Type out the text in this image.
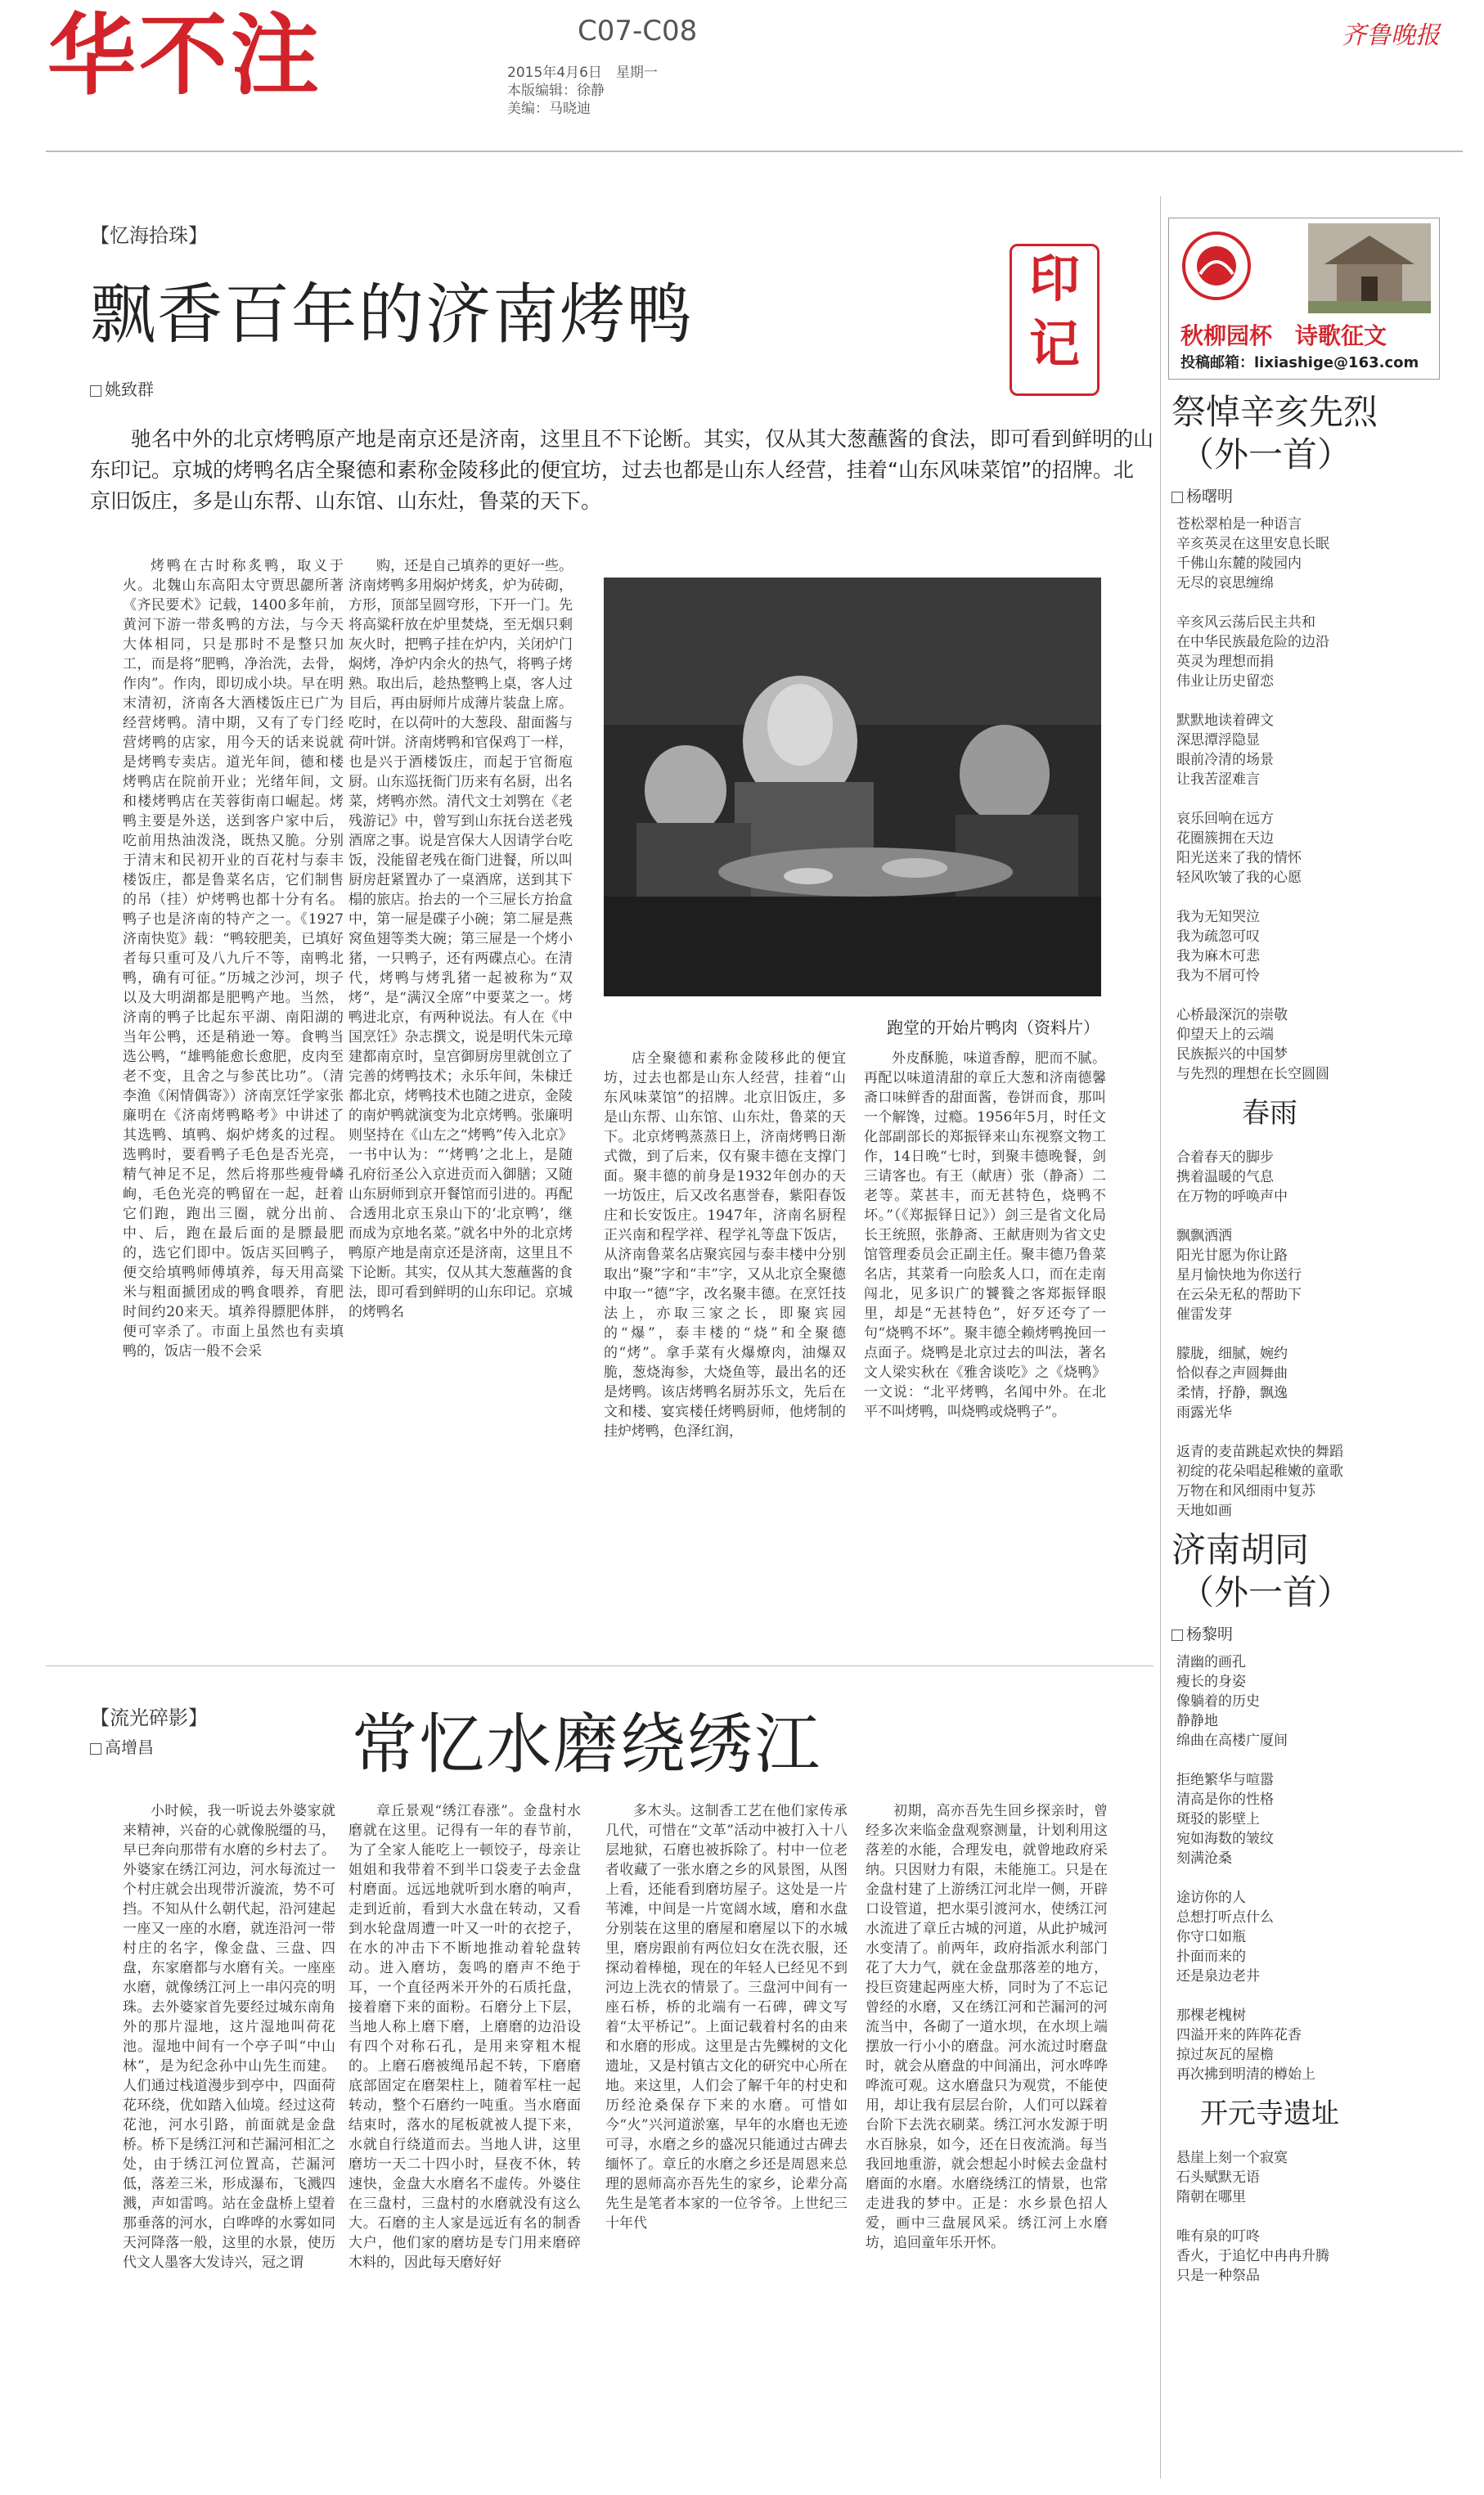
华不注	C07-C08
2015年4月6日　星期一
本版编辑：徐静
美编：马晓迪
齐鲁晚报
【忆海拾珠】
飘香百年的济南烤鸭	印记
姚致群
驰名中外的北京烤鸭原产地是南京还是济南，这里且不下论断。其实，仅从其大葱蘸酱的食法，即可看到鲜明的山东印记。京城的烤鸭名店全聚德和素称金陵移此的便宜坊，过去也都是山东人经营，挂着“山东风味菜馆”的招牌。北京旧饭庄，多是山东帮、山东馆、山东灶，鲁菜的天下。
烤鸭在古时称炙鸭，取义于火。北魏山东高阳太守贾思勰所著《齐民要术》记载，1400多年前，黄河下游一带炙鸭的方法，与今天大体相同，只是那时不是整只加工，而是将“肥鸭，净治洗，去骨，作肉”。作肉，即切成小块。早在明末清初，济南各大酒楼饭庄已广为经营烤鸭。清中期，又有了专门经营烤鸭的店家，用今天的话来说就是烤鸭专卖店。道光年间，德和楼烤鸭店在院前开业；光绪年间，文和楼烤鸭店在芙蓉街南口崛起。烤鸭主要是外送，送到客户家中后，吃前用热油泼浇，既热又脆。分别于清末和民初开业的百花村与泰丰楼饭庄，都是鲁菜名店，它们制售的吊（挂）炉烤鸭也都十分有名。鸭子也是济南的特产之一。《1927济南快览》载：“鸭较肥美，已填好者每只重可及八九斤不等，南鸭北鸭，确有可征。”历城之沙河，坝子以及大明湖都是肥鸭产地。当然，济南的鸭子比起东平湖、南阳湖的当年公鸭，还是稍逊一筹。食鸭当选公鸭，“雄鸭能愈长愈肥，皮肉至老不变，且舍之与参芪比功”。（清李渔《闲情偶寄》）济南烹饪学家张廉明在《济南烤鸭略考》中讲述了其选鸭、填鸭、焖炉烤炙的过程。选鸭时，要看鸭子毛色是否光亮，精气神足不足，然后将那些瘦骨嶙峋，毛色光亮的鸭留在一起，赶着它们跑，跑出三圈，就分出前、中、后，跑在最后面的是膘最肥的，选它们即中。饭店买回鸭子，便交给填鸭师傅填养，每天用高粱米与粗面搋团成的鸭食喂养，育肥时间约20来天。填养得膘肥体胖，便可宰杀了。市面上虽然也有卖填鸭的，饭店一般不会采
购，还是自己填养的更好一些。济南烤鸭多用焖炉烤炙，炉为砖砌，方形，顶部呈圆穹形，下开一门。先将高粱秆放在炉里焚烧，至无烟只剩灰火时，把鸭子挂在炉内，关闭炉门焖烤，净炉内余火的热气，将鸭子烤熟。取出后，趁热整鸭上桌，客人过目后，再由厨师片成薄片装盘上席。吃时，在以荷叶的大葱段、甜面酱与荷叶饼。济南烤鸭和官保鸡丁一样，也是兴于酒楼饭庄，而起于官衙庖厨。山东巡抚衙门历来有名厨，出名菜，烤鸭亦然。清代文士刘鹗在《老残游记》中，曾写到山东抚台送老残酒席之事。说是宫保大人因请学台吃饭，没能留老残在衙门进餐，所以叫厨房赶紧置办了一桌酒席，送到其下榻的旅店。抬去的一个三屉长方抬盒中，第一屉是碟子小碗；第二屉是燕窝鱼翅等类大碗；第三屉是一个烤小猪，一只鸭子，还有两碟点心。在清代，烤鸭与烤乳猪一起被称为“双烤”，是“满汉全席”中要菜之一。烤鸭进北京，有两种说法。有人在《中国烹饪》杂志撰文，说是明代朱元璋建都南京时，皇宫御厨房里就创立了完善的烤鸭技术；永乐年间，朱棣迁都北京，烤鸭技术也随之进京，金陵的南炉鸭就演变为北京烤鸭。张廉明则坚持在《山左之“烤鸭”传入北京》一书中认为：“‘烤鸭’之北上，是随孔府衍圣公入京进贡而入御膳；又随山东厨师到京开餐馆而引进的。再配合透用北京玉泉山下的‘北京鸭’，继而成为京地名菜。”就名中外的北京烤鸭原产地是南京还是济南，这里且不下论断。其实，仅从其大葱蘸酱的食法，即可看到鲜明的山东印记。京城的烤鸭名
跑堂的开始片鸭肉（资料片）
店全聚德和素称金陵移此的便宜坊，过去也都是山东人经营，挂着“山东风味菜馆”的招牌。北京旧饭庄，多是山东帮、山东馆、山东灶，鲁菜的天下。北京烤鸭蒸蒸日上，济南烤鸭日渐式微，到了后来，仅有聚丰德在支撑门面。聚丰德的前身是1932年创办的天一坊饭庄，后又改名惠誉春，紫阳春饭庄和长安饭庄。1947年，济南名厨程正兴南和程学祥、程学礼等盘下饭店，从济南鲁菜名店聚宾园与泰丰楼中分别取出“聚”字和“丰”字，又从北京全聚德中取一“德”字，改名聚丰德。在烹饪技法上，亦取三家之长，即聚宾园的“爆”，泰丰楼的“烧”和全聚德的“烤”。拿手菜有火爆燎肉，油爆双脆，葱烧海参，大烧鱼等，最出名的还是烤鸭。该店烤鸭名厨苏乐文，先后在文和楼、宴宾楼任烤鸭厨师，他烤制的挂炉烤鸭，色泽红润，
外皮酥脆，味道香醇，肥而不腻。再配以味道清甜的章丘大葱和济南德馨斋口味鲜香的甜面酱，卷饼而食，那叫一个解馋，过瘾。1956年5月，时任文化部副部长的郑振铎来山东视察文物工作，14日晚“七时，到聚丰德晚餐，剑三请客也。有王（献唐）张（静斋）二老等。菜甚丰，而无甚特色，烧鸭不坏。”（《郑振铎日记》）剑三是省文化局长王统照，张静斋、王献唐则为省文史馆管理委员会正副主任。聚丰德乃鲁菜名店，其菜肴一向脍炙人口，而在走南闯北，见多识广的饕餮之客郑振铎眼里，却是“无甚特色”，好歹还夸了一句“烧鸭不坏”。聚丰德全赖烤鸭挽回一点面子。烧鸭是北京过去的叫法，著名文人梁实秋在《雅舍谈吃》之《烧鸭》一文说：“北平烤鸭，名闻中外。在北平不叫烤鸭，叫烧鸭或烧鸭子”。
【流光碎影】 常忆水磨绕绣江
高增昌
小时候，我一听说去外婆家就来精神，兴奋的心就像脱缰的马，早已奔向那带有水磨的乡村去了。外婆家在绣江河边，河水每流过一个村庄就会出现带沂漩流，势不可挡。不知从什么朝代起，沿河建起一座又一座的水磨，就连沿河一带村庄的名字，像金盘、三盘、四盘，东家磨都与水磨有关。一座座水磨，就像绣江河上一串闪亮的明珠。去外婆家首先要经过城东南角外的那片湿地，这片湿地叫荷花池。湿地中间有一个亭子叫“中山林”，是为纪念孙中山先生而建。人们通过栈道漫步到亭中，四面荷花环绕，优如踏入仙境。经过这荷花池，河水引路，前面就是金盘桥。桥下是绣江河和芒漏河相汇之处，由于绣江河位置高，芒漏河低，落差三米，形成瀑布，飞溅四溅，声如雷鸣。站在金盘桥上望着那垂落的河水，白哗哗的水雾如同天河降落一般，这里的水景，使历代文人墨客大发诗兴，冠之谓
章丘景观“绣江春涨”。金盘村水磨就在这里。记得有一年的春节前，为了全家人能吃上一顿饺子，母亲让姐姐和我带着不到半口袋麦子去金盘村磨面。远远地就听到水磨的响声，走到近前，看到大水盘在转动，又看到水轮盘周遭一叶又一叶的衣挖子，在水的冲击下不断地推动着轮盘转动。进入磨坊，轰鸣的磨声不绝于耳，一个直径两米开外的石质托盘，接着磨下来的面粉。石磨分上下层，当地人称上磨下磨，上磨磨的边沿设有四个对称石孔，是用来穿粗木棍的。上磨石磨被绳吊起不转，下磨磨底部固定在磨架柱上，随着军柱一起转动，整个石磨约一吨重。当水磨面结束时，落水的尾板就被人提下来，水就自行绕道而去。当地人讲，这里磨坊一天二十四小时，昼夜不休，转速快，金盘大水磨名不虚传。外婆住在三盘村，三盘村的水磨就没有这么大。石磨的主人家是远近有名的制香大户，他们家的磨坊是专门用来磨碎木料的，因此每天磨好好
多木头。这制香工艺在他们家传承几代，可惜在“文革”活动中被打入十八层地狱，石磨也被拆除了。村中一位老者收藏了一张水磨之乡的风景图，从图上看，还能看到磨坊屋子。这处是一片苇滩，中间是一片宽阔水域，磨和水盘分别装在这里的磨屋和磨屋以下的水城里，磨房跟前有两位妇女在洗衣服，还探动着棒槌，现在的年轻人已经见不到河边上洗衣的情景了。三盘河中间有一座石桥，桥的北端有一石碑，碑文写着“太平桥记”。上面记载着村名的由来和水磨的形成。这里是古先鲽树的文化遗址，又是村镇古文化的研究中心所在地。来这里，人们会了解千年的村史和历经沧桑保存下来的水磨。可惜如今“火”兴河道淤塞，早年的水磨也无迹可寻，水磨之乡的盛况只能通过古碑去缅怀了。章丘的水磨之乡还是周恩来总理的恩师高亦吾先生的家乡，论辈分高先生是笔者本家的一位爷爷。上世纪三十年代
初期，高亦吾先生回乡探亲时，曾经多次来临金盘观察测量，计划利用这落差的水能，合理发电，就曾地政府采纳。只因财力有限，未能施工。只是在金盘村建了上游绣江河北岸一侧，开辟口设管道，把水渠引渡河水，使绣江河水流进了章丘古城的河道，从此护城河水变清了。前两年，政府指派水利部门花了大力气，就在金盘那落差的地方，投巨资建起两座大桥，同时为了不忘记曾经的水磨，又在绣江河和芒漏河的河流当中，各砌了一道水坝，在水坝上端摆放一行小小的磨盘。河水流过时磨盘时，就会从磨盘的中间涌出，河水哗哗哗流可观。这水磨盘只为观赏，不能使用，却让我有层层台阶，人们可以踩着台阶下去洗衣刷菜。绣江河水发源于明水百脉泉，如今，还在日夜流淌。每当我回地重游，就会想起小时候去金盘村磨面的水磨。水磨绕绣江的情景，也常走进我的梦中。正是：水乡景色招人爱，画中三盘展风采。绣江河上水磨坊，追回童年乐开怀。
秋柳园杯　诗歌征文
投稿邮箱：lixiashige@163.com
祭悼辛亥先烈
（外一首）
杨曙明
苍松翠柏是一种语言
辛亥英灵在这里安息长眠
千佛山东麓的陵园内
无尽的哀思缠绵
辛亥风云荡后民主共和
在中华民族最危险的边沿
英灵为理想而捐
伟业让历史留恋
默默地读着碑文
深思潭浮隐显
眼前冷清的场景
让我苦涩难言
哀乐回响在远方
花圈簇拥在天边
阳光送来了我的情怀
轻风吹皱了我的心愿
我为无知哭泣
我为疏忽可叹
我为麻木可悲
我为不屑可怜
心桥最深沉的崇敬
仰望天上的云端
民族振兴的中国梦
与先烈的理想在长空圆圆
春雨
合着春天的脚步
携着温暖的气息
在万物的呼唤声中
飘飘洒洒
阳光甘愿为你让路
星月愉快地为你送行
在云朵无私的帮助下
催雷发芽
朦胧，细腻，婉约
恰似春之声圆舞曲
柔情，抒静，飘逸
雨露光华
返青的麦苗跳起欢快的舞蹈
初绽的花朵唱起稚嫩的童歌
万物在和风细雨中复苏
天地如画
济南胡同
（外一首）
杨黎明
清幽的画孔
瘦长的身姿
像躺着的历史
静静地
绵曲在高楼广厦间
拒绝繁华与喧嚣
清高是你的性格
斑驳的影壁上
宛如海数的皱纹
刻满沧桑
途访你的人
总想打听点什么
你守口如瓶
扑面而来的
还是泉边老井
那棵老槐树
四溢开来的阵阵花香
掠过灰瓦的屋檐
再次拂到明清的樽始上
开元寺遗址
悬崖上刻一个寂寞
石头赋默无语
隋朝在哪里
唯有泉的叮咚
香火，于追忆中冉冉升腾
只是一种祭品
